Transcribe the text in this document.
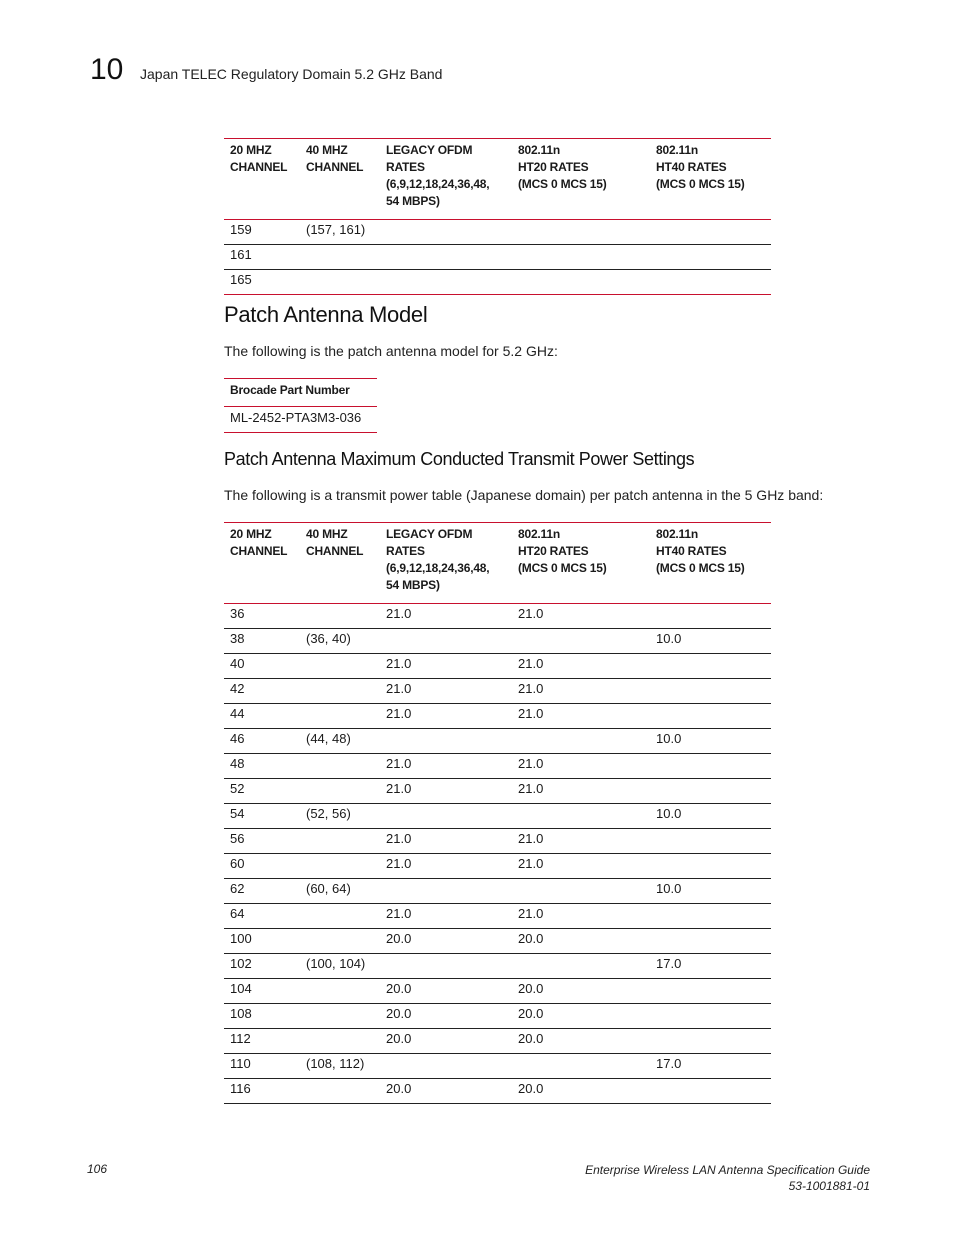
10 Japan TELEC Regulatory Domain 5.2 GHz Band
20 MHZ
CHANNEL	40 MHZ
CHANNEL	LEGACY OFDM RATES
(6,9,12,18,24,36,48,
54 MBPS)	802.11n
HT20 RATES
(MCS 0 MCS 15)	802.11n
HT40 RATES
(MCS 0 MCS 15)
159	(157, 161)			
161				
165				
Patch Antenna Model

The following is the patch antenna model for 5.2 GHz:

Brocade Part Number
ML-2452-PTA3M3-036
Patch Antenna Maximum Conducted Transmit Power Settings

The following is a transmit power table (Japanese domain) per patch antenna in the 5 GHz band:

20 MHZ
CHANNEL	40 MHZ
CHANNEL	LEGACY OFDM RATES
(6,9,12,18,24,36,48,
54 MBPS)	802.11n
HT20 RATES
(MCS 0 MCS 15)	802.11n
HT40 RATES
(MCS 0 MCS 15)
36		21.0	21.0	
38	(36, 40)			10.0
40		21.0	21.0	
42		21.0	21.0	
44		21.0	21.0	
46	(44, 48)			10.0
48		21.0	21.0	
52		21.0	21.0	
54	(52, 56)			10.0
56		21.0	21.0	
60		21.0	21.0	
62	(60, 64)			10.0
64		21.0	21.0	
100		20.0	20.0	
102	(100, 104)			17.0
104		20.0	20.0	
108		20.0	20.0	
112		20.0	20.0	
110	(108, 112)			17.0
116		20.0	20.0	
106	Enterprise Wireless LAN Antenna Specification Guide
53-1001881-01
